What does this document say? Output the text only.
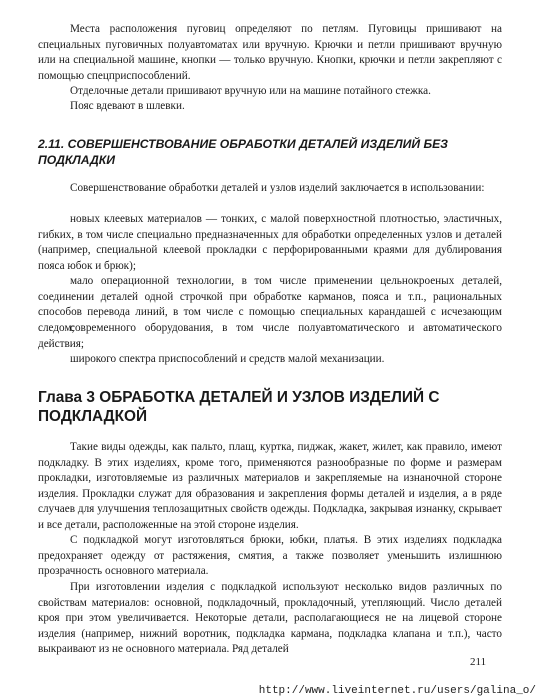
Места расположения пуговиц определяют по петлям. Пуговицы пришивают на специальных пуговичных полуавтоматах или вручную. Крючки и петли пришивают вручную или на специальной машине, кнопки — только вручную. Кнопки, крючки и петли закрепляют с помощью спецприспособлений.

Отделочные детали пришивают вручную или на машине потайного стежка.

Пояс вдевают в шлевки.

2.11. СОВЕРШЕНСТВОВАНИЕ ОБРАБОТКИ ДЕТАЛЕЙ ИЗДЕЛИЙ БЕЗ ПОДКЛАДКИ

Совершенствование обработки деталей и узлов изделий заключается в использовании:

новых клеевых материалов — тонких, с малой поверхностной плотностью, эластичных, гибких, в том числе специально предназначенных для обработки определенных узлов и деталей (например, специальной клеевой прокладки с перфорированными краями для дублирования пояса юбок и брюк);

мало операционной технологии, в том числе применении цельнокроеных деталей, соединении деталей одной строчкой при обработке карманов, пояса и т.п., рациональных способов перевода линий, в том числе с помощью специальных карандашей с исчезающим следом;

современного оборудования, в том числе полуавтоматического и автоматического действия;

широкого спектра приспособлений и средств малой механизации.

Глава 3 ОБРАБОТКА ДЕТАЛЕЙ И УЗЛОВ ИЗДЕЛИЙ С ПОДКЛАДКОЙ

Такие виды одежды, как пальто, плащ, куртка, пиджак, жакет, жилет, как правило, имеют подкладку. В этих изделиях, кроме того, применяются разнообразные по форме и размерам прокладки, изготовляемые из различных материалов и закрепляемые на изнаночной стороне изделия. Прокладки служат для образования и закрепления формы деталей и изделия, а в ряде случаев для улучшения теплозащитных свойств одежды. Подкладка, закрывая изнанку, скрывает и все детали, расположенные на этой стороне изделия.

С подкладкой могут изготовляться брюки, юбки, платья. В этих изделиях подкладка предохраняет одежду от растяжения, смятия, а также позволяет уменьшить излишнюю прозрачность основного материала.

При изготовлении изделия с подкладкой используют несколько видов различных по свойствам материалов: основной, подкладочный, прокладочный, утепляющий. Число деталей кроя при этом увеличивается. Некоторые детали, располагающиеся не на лицевой стороне изделия (например, нижний воротник, подкладка кармана, подкладка клапана и т.п.), часто выкраивают из не основного материала. Ряд деталей

211
http://www.liveinternet.ru/users/galina_o/
